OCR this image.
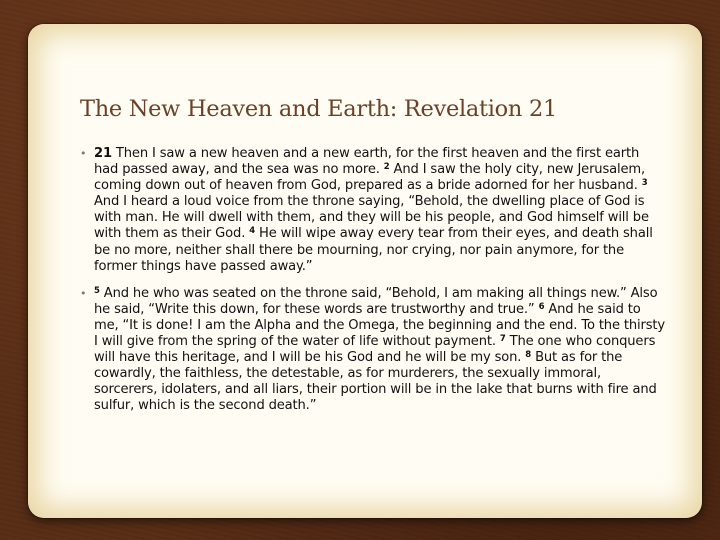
The New Heaven and Earth: Revelation 21
• 21 Then I saw a new heaven and a new earth, for the first heaven and the first earth had passed away, and the sea was no more. $^2$ And I saw the holy city, new Jerusalem, coming down out of heaven from God, prepared as a bride adorned for her husband. $^3$ And I heard a loud voice from the throne saying, “Behold, the dwelling place of God is with man. He will dwell with them, and they will be his people, and God himself will be with them as their God. $^4$ He will wipe away every tear from their eyes, and death shall be no more, neither shall there be mourning, nor crying, nor pain anymore, for the former things have passed away.”
• $^5$ And he who was seated on the throne said, “Behold, I am making all things new.” Also he said, “Write this down, for these words are trustworthy and true.” $^6$ And he said to me, “It is done! I am the Alpha and the Omega, the beginning and the end. To the thirsty I will give from the spring of the water of life without payment. $^7$ The one who conquers will have this heritage, and I will be his God and he will be my son. $^8$ But as for the cowardly, the faithless, the detestable, as for murderers, the sexually immoral, sorcerers, idolaters, and all liars, their portion will be in the lake that burns with fire and sulfur, which is the second death.”
